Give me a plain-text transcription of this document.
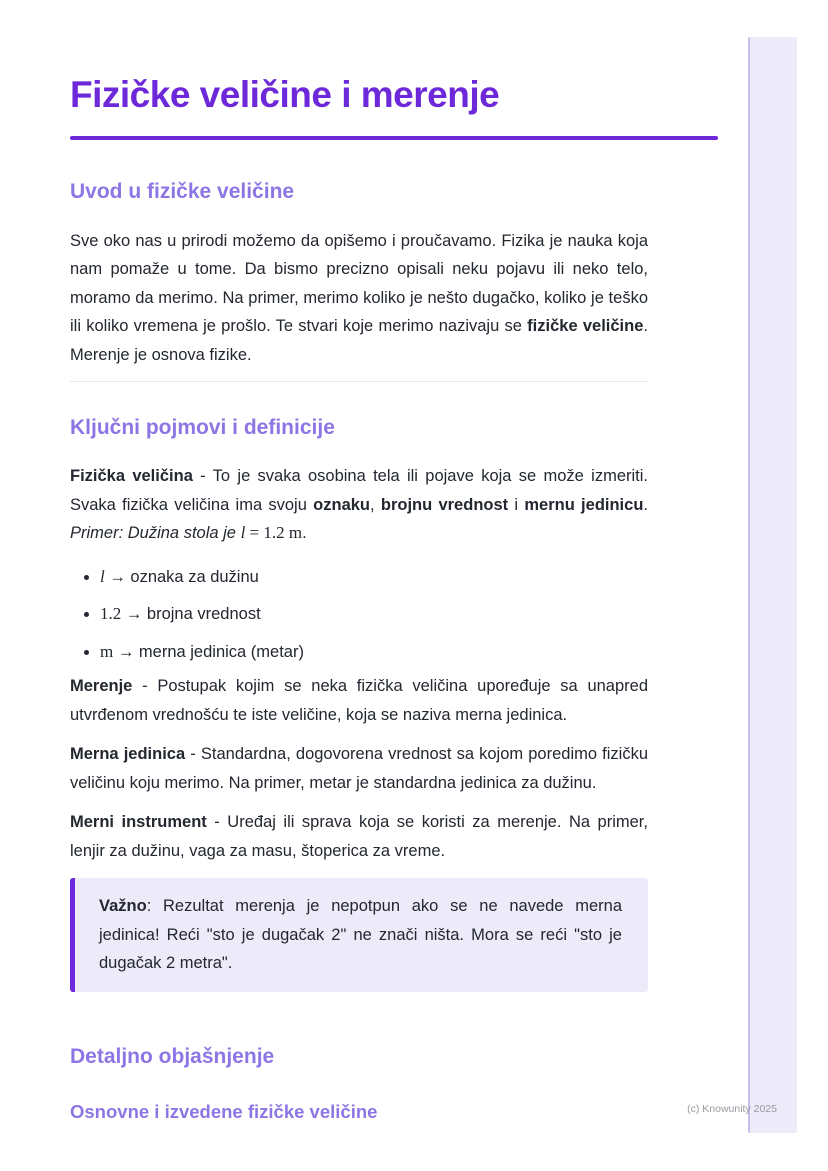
Fizičke veličine i merenje
Uvod u fizičke veličine

Sve oko nas u prirodi možemo da opišemo i proučavamo. Fizika je nauka koja nam pomaže u tome. Da bismo precizno opisali neku pojavu ili neko telo, moramo da merimo. Na primer, merimo koliko je nešto dugačko, koliko je teško ili koliko vremena je prošlo. Te stvari koje merimo nazivaju se fizičke veličine. Merenje je osnova fizike.

Ključni pojmovi i definicije

Fizička veličina - To je svaka osobina tela ili pojave koja se može izmeriti. Svaka fizička veličina ima svoju oznaku, brojnu vrednost i mernu jedinicu. Primer: Dužina stola je l = 1.2 m.

• l → oznaka za dužinu
• 1.2 → brojna vrednost
• m → merna jedinica (metar)

Merenje - Postupak kojim se neka fizička veličina upoređuje sa unapred utvrđenom vrednošću te iste veličine, koja se naziva merna jedinica.

Merna jedinica - Standardna, dogovorena vrednost sa kojom poredimo fizičku veličinu koju merimo. Na primer, metar je standardna jedinica za dužinu.

Merni instrument - Uređaj ili sprava koja se koristi za merenje. Na primer, lenjir za dužinu, vaga za masu, štoperica za vreme.

Važno: Rezultat merenja je nepotpun ako se ne navede merna jedinica! Reći "sto je dugačak 2" ne znači ništa. Mora se reći "sto je dugačak 2 metra".

Detaljno objašnjenje
Osnovne i izvedene fizičke veličine	(c) Knowunity 2025
